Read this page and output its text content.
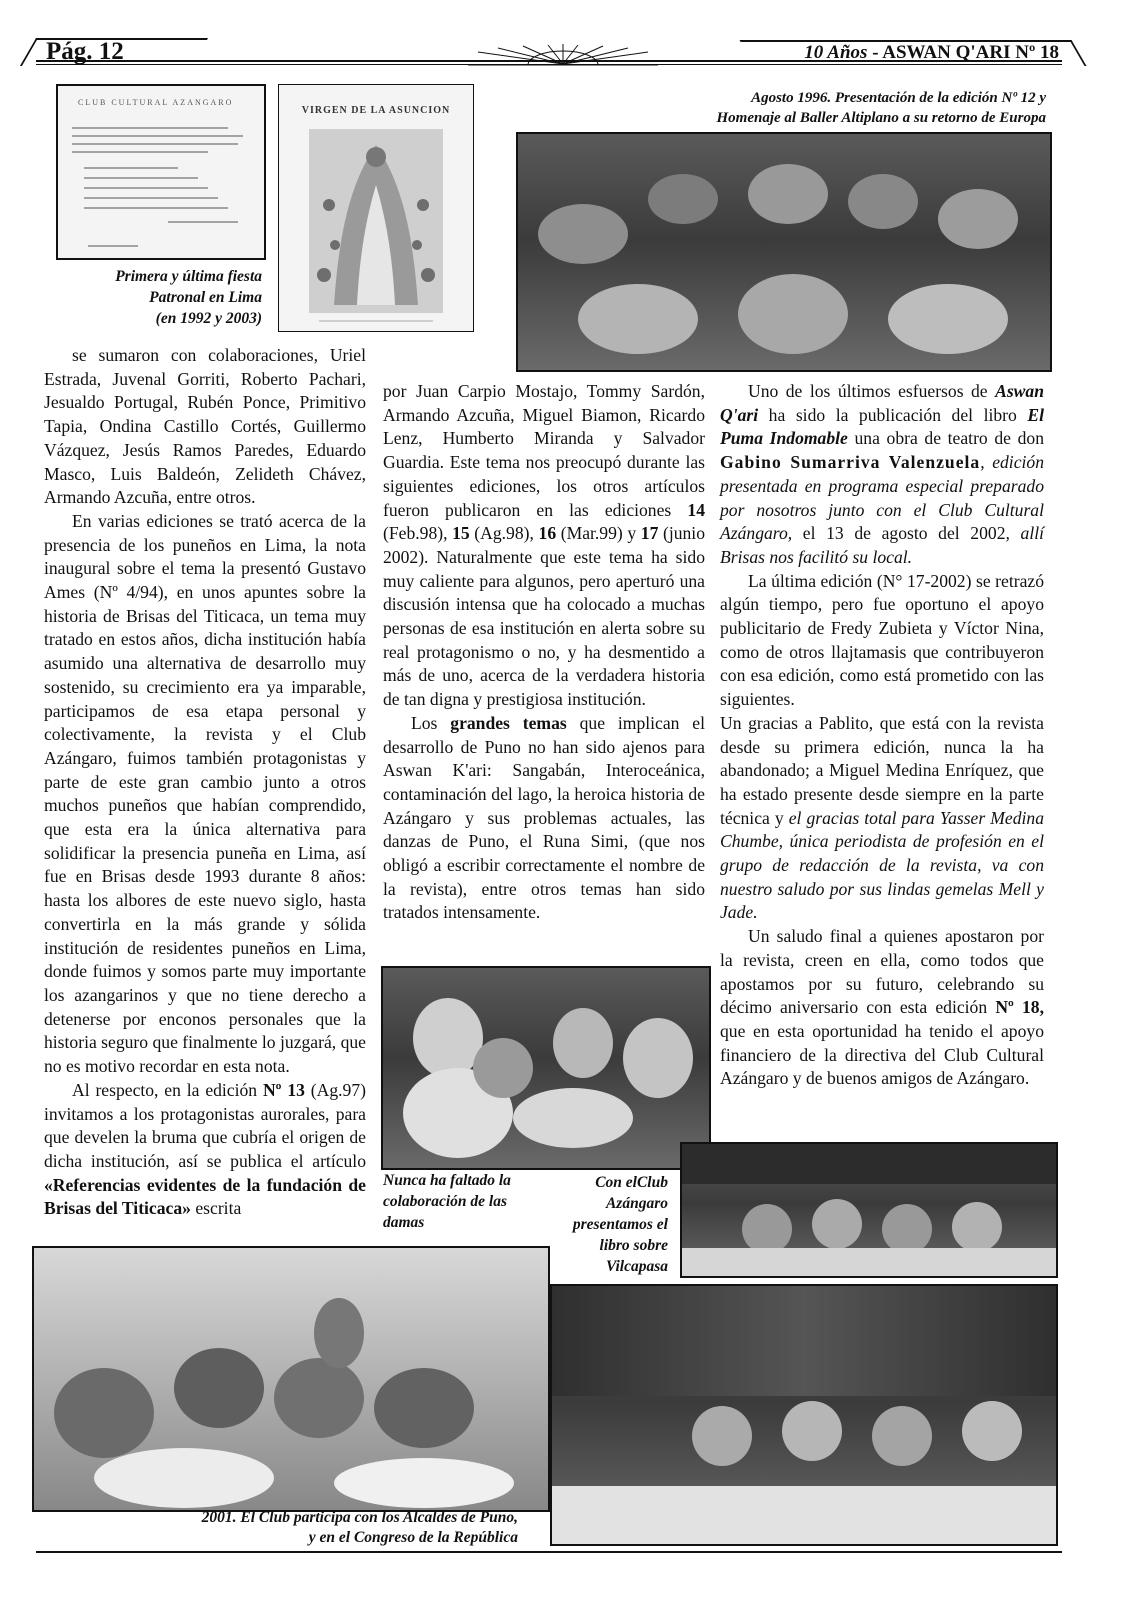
Pág. 12	10 Años - ASWAN Q'ARI Nº 18
CLUB CULTURAL AZANGARO
VIRGEN DE LA ASUNCION
Primera y última fiesta
Patronal en Lima
(en 1992 y 2003)
Agosto 1996. Presentación de la edición Nº 12 y
Homenaje al Baller Altiplano a su retorno de Europa

se sumaron con colaboraciones, Uriel Estrada, Juvenal Gorriti, Roberto Pachari, Jesualdo Portugal, Rubén Ponce, Primitivo Tapia, Ondina Castillo Cortés, Guillermo Vázquez, Jesús Ramos Paredes, Eduardo Masco, Luis Baldeón, Zelideth Chávez, Armando Azcuña, entre otros.

En varias ediciones se trató acerca de la presencia de los puneños en Lima, la nota inaugural sobre el tema la presentó Gustavo Ames (Nº 4/94), en unos apuntes sobre la historia de Brisas del Titicaca, un tema muy tratado en estos años, dicha institución había asumido una alternativa de desarrollo muy sostenido, su crecimiento era ya imparable, participamos de esa etapa personal y colectivamente, la revista y el Club Azángaro, fuimos también protagonistas y parte de este gran cambio junto a otros muchos puneños que habían comprendido, que esta era la única alternativa para solidificar la presencia puneña en Lima, así fue en Brisas desde 1993 durante 8 años: hasta los albores de este nuevo siglo, hasta convertirla en la más grande y sólida institución de residentes puneños en Lima, donde fuimos y somos parte muy importante los azangarinos y que no tiene derecho a detenerse por enconos personales que la historia seguro que finalmente lo juzgará, que no es motivo recordar en esta nota.

Al respecto, en la edición Nº 13 (Ag.97) invitamos a los protagonistas aurorales, para que develen la bruma que cubría el origen de dicha institución, así se publica el artículo «Referencias evidentes de la fundación de Brisas del Titicaca» escrita

por Juan Carpio Mostajo, Tommy Sardón, Armando Azcuña, Miguel Biamon, Ricardo Lenz, Humberto Miranda y Salvador Guardia. Este tema nos preocupó durante las siguientes ediciones, los otros artículos fueron publicaron en las ediciones 14 (Feb.98), 15 (Ag.98), 16 (Mar.99) y 17 (junio 2002). Naturalmente que este tema ha sido muy caliente para algunos, pero aperturó una discusión intensa que ha colocado a muchas personas de esa institución en alerta sobre su real protagonismo o no, y ha desmentido a más de uno, acerca de la verdadera historia de tan digna y prestigiosa institución.

Los grandes temas que implican el desarrollo de Puno no han sido ajenos para Aswan K'ari: Sangabán, Interoceánica, contaminación del lago, la heroica historia de Azángaro y sus problemas actuales, las danzas de Puno, el Runa Simi, (que nos obligó a escribir correctamente el nombre de la revista), entre otros temas han sido tratados intensamente.

Uno de los últimos esfuersos de Aswan Q'ari ha sido la publicación del libro El Puma Indomable una obra de teatro de don Gabino Sumarriva Valenzuela, edición presentada en programa especial preparado por nosotros junto con el Club Cultural Azángaro, el 13 de agosto del 2002, allí Brisas nos facilitó su local.

La última edición (N° 17-2002) se retrazó algún tiempo, pero fue oportuno el apoyo publicitario de Fredy Zubieta y Víctor Nina, como de otros llajtamasis que contribuyeron con esa edición, como está prometido con las siguientes.

Un gracias a Pablito, que está con la revista desde su primera edición, nunca la ha abandonado; a Miguel Medina Enríquez, que ha estado presente desde siempre en la parte técnica y el gracias total para Yasser Medina Chumbe, única periodista de profesión en el grupo de redacción de la revista, va con nuestro saludo por sus lindas gemelas Mell y Jade.

Un saludo final a quienes apostaron por la revista, creen en ella, como todos que apostamos por su futuro, celebrando su décimo aniversario con esta edición Nº 18, que en esta oportunidad ha tenido el apoyo financiero de la directiva del Club Cultural Azángaro y de buenos amigos de Azángaro.

Nunca ha faltado la
colaboración de las
damas
Con elClub
Azángaro
presentamos el
libro sobre
Vilcapasa
2001. El Club participa con los Alcaldes de Puno,
y en el Congreso de la República
